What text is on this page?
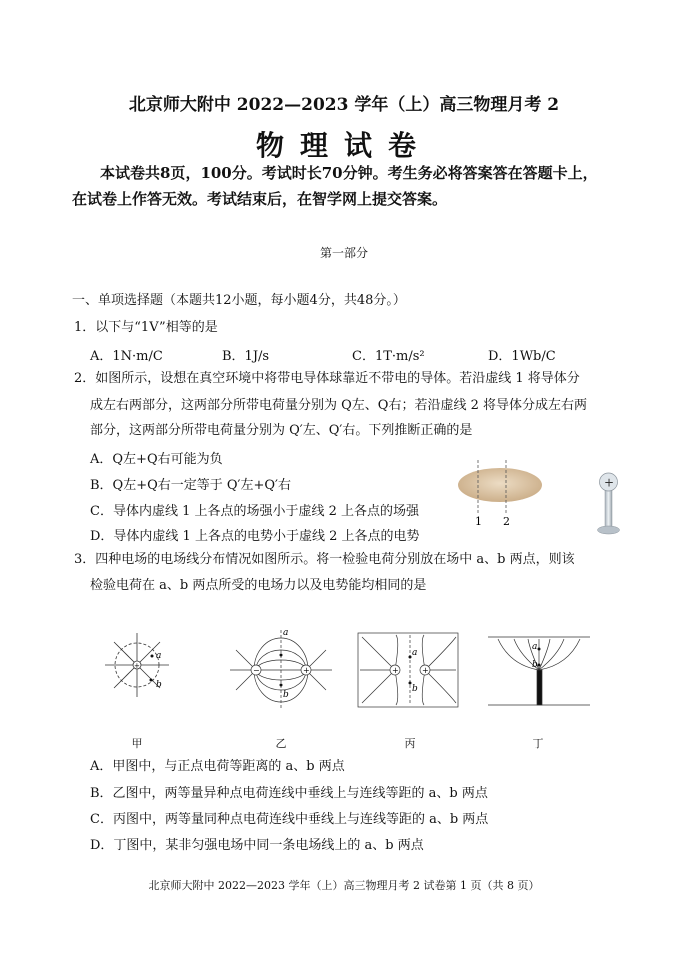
北京师大附中 2022—2023 学年（上）高三物理月考 2
物理试卷
本试卷共8页，100分。考试时长70分钟。考生务必将答案答在答题卡上，
在试卷上作答无效。考试结束后，在智学网上提交答案。
第一部分
一、单项选择题（本题共12小题，每小题4分，共48分。）
1．以下与“1V”相等的是
A．1N·m/C	B．1J/s	C．1T·m/s²	D．1Wb/C
2．如图所示，设想在真空环境中将带电导体球靠近不带电的导体。若沿虚线 1 将导体分
成左右两部分，这两部分所带电荷量分别为 Q左、Q右；若沿虚线 2 将导体分成左右两
部分，这两部分所带电荷量分别为 Q′左、Q′右。下列推断正确的是
A．Q左+Q右可能为负
B．Q左+Q右一定等于 Q′左+Q′右
C．导体内虚线 1 上各点的场强小于虚线 2 上各点的场强
D．导体内虚线 1 上各点的电势小于虚线 2 上各点的电势
1 2
+
3．四种电场的电场线分布情况如图所示。将一检验电荷分别放在场中 a、b 两点，则该
检验电荷在 a、b 两点所受的电场力以及电势能均相同的是
+
a
b
−	+
a
b
+	+
a
b
a
b
甲	乙	丙	丁
A．甲图中，与正点电荷等距离的 a、b 两点
B．乙图中，两等量异种点电荷连线中垂线上与连线等距的 a、b 两点
C．丙图中，两等量同种点电荷连线中垂线上与连线等距的 a、b 两点
D．丁图中，某非匀强电场中同一条电场线上的 a、b 两点
北京师大附中 2022—2023 学年（上）高三物理月考 2 试卷第 1 页（共 8 页）
